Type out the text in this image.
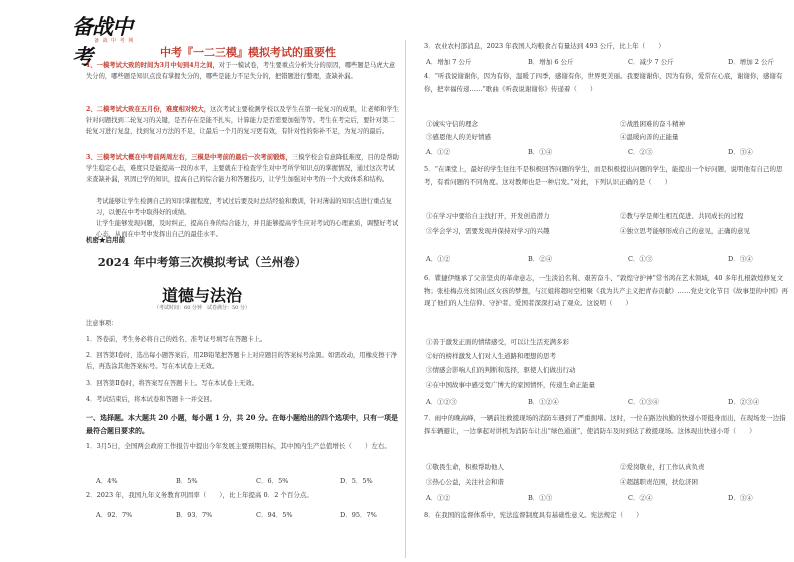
备战中考
备 战 中 考 网
中考『一二三模』模拟考试的重要性
1、一模考试大致的时间为3月中旬到4月之间，对于一模试卷，考生要重点分析失分的原因，哪些题是马虎大意失分的，哪些题是知识点没有掌握失分的，哪些是能力不足失分的，把错题进行整理，查缺补漏。
2、二模考试大致在五月份，难度相对较大，这次考试主要检测学校以及学生在第一轮复习的成果，让老师和学生针对问题找到二轮复习的关键，是否存在是能不扎实，计算能力是否需要加强等等。考生在考完后，要针对第二轮复习进行复盘，找到复习方法的不足，让最后一个月的复习更有效，有针对性的弥补不足，为复习的最后。
3、三模考试大概在中考前两周左右，三模是中考前的最后一次考前锻炼，三模学校会有意降低难度，目的是帮助学生稳定心态，难度只是能提高一段的水平，主要就在于检查学生对中考所学知识点的掌握情况，通过这次考试来查缺补漏，巩固已学的知识，提高自己的综合能力和答题技巧，让学生加强对中考的一个大致体系和结构。
考试能够让学生检测自己的知识掌握程度，考试过后要及时总结经验和教训，针对薄弱的知识点进行重点复习，以便在中考中取得好的成绩。
让学生能够发现问题，及时纠正，提高自身的综合能力，并且能够提高学生应对考试的心理素质，调整好考试心态，从而在中考中发挥出自己的最佳水平。
机密★启用前
2024 年中考第三次模拟考试（兰州卷）
道德与法治
（考试时间：60 分钟　试卷满分：50 分）
注意事项：
1．答卷前，考生务必将自己的姓名、准考证号填写在答题卡上。
2．回答第Ⅰ卷时，选出每小题答案后，用2B铅笔把答题卡上对应题目的答案标号涂黑。如需改动，用橡皮擦干净后，再选涂其他答案标号。写在本试卷上无效。
3．回答第Ⅱ卷时，将答案写在答题卡上。写在本试卷上无效。
4．考试结束后，将本试卷和答题卡一并交回。
一、选择题。本大题共 20 小题，每小题 1 分，共 20 分。在每小题给出的四个选项中，只有一项是最符合题目要求的。
1．3月5日，全国两会政府工作报告中提出今年发展主要预期目标，其中国内生产总值增长（　　）左右。
A．4%	B．5%	C．6．5%	D．5．5%
2．2023 年，我国九年义务教育巩固率（　　），比上年提高 0．2 个百分点。
A．92．7%	B．93．7%	C．94．5%	D．95．7%
3．农业农村部消息，2023 年我国人均粮食占有量达到 493 公斤，比上年（　　）
A．增加 7 公斤	B．增加 6 公斤	C．减少 7 公斤	D．增加 2 公斤
4．“听我说谢谢你，因为有你，温暖了四季，感谢有你，世界更美丽。我要谢谢你，因为有你，爱常在心底，谢谢你，感谢有你，把幸福传递……”歌曲《听我说谢谢你》传递着（　　）
①诚实守信的理念	②战胜困难的奋斗精神
③感恩他人的美好情感	④温暖向善的正能量
A．①②	B．①④	C．②③	D．③④
5．“在课堂上，最好的学生往往不是积极回答问题的学生，而是积极提出问题的学生，能提出一个好问题，说明他有自己的思考，有看问题的不同角度。这对教师也是一种启发。”对此，下列认识正确的是（　　）
①在学习中要给自主找打开，开发创造潜力	②教与学是师生相互促进、共同成长的过程
③学会学习，需要发现并保持对学习的兴趣	④独立思考能够形成自己的意见，正确的意见
A．①②	B．②④	C．①③	D．③④
6．瞿捷伊继承了父亲坚贞的革命意志，一生淡泊名利、艰苦奋斗、“敦煌守护神”常书鸿在艺术领域，40 多年扎根敦煌修复文物；张桂梅点亮贫困山区女孩的梦想，与江姐将超时空相聚《我为共产主义把青春贡献》……党史文化节目《故事里的中国》再现了他们的人生信仰、守护者、爱国者深深打动了观众。这说明（　　）
①善于激发正面的情绪感受，可以让生活充满多彩
②好的榜样激发人们对人生道路和理想的思考
③情感会影响人们的判断和选择，驱使人们做出行动
④在中国故事中感受宽广博大的家国情怀，传递生命正能量
A．①②③	B．①②④	C．①③④	D．②③④
7．雨中的晚高峰，一辆前往救援现场的消防车遇到了严重拥堵。这时，一位在路边执勤的快递小哥挺身而出，在现场发一边指挥车辆避让，一边拿起对讲机为消防车让出“绿色通道”，使消防车及时到达了救援现场。这体现出快递小哥（　　）
①敬畏生命，积极帮助他人	②爱岗敬业，打工作认真负责
③热心公益，关注社会和谐	④超越职责范围，扶危济困
A．①②	B．①③	C．②④	D．③④
8．在我国的监督体系中，宪法监督制度具有基础性意义。宪法规定（　　）
